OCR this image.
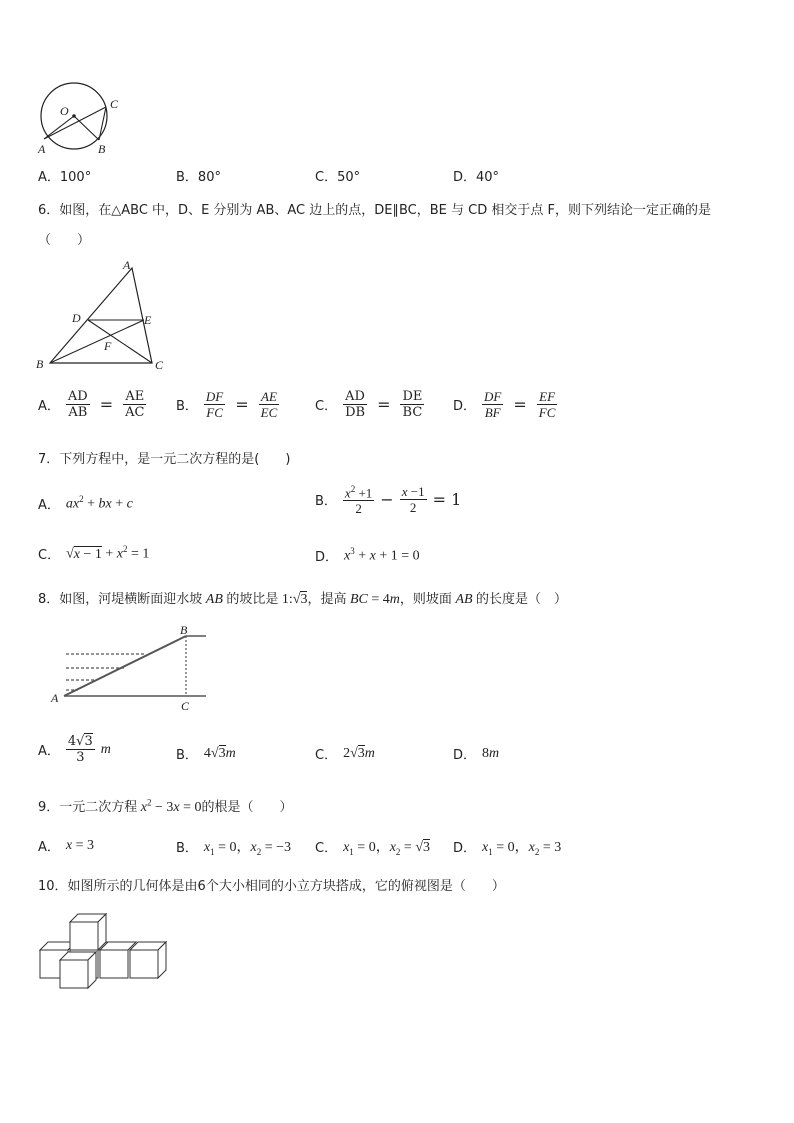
O	C
A	B
A．100°	B．80°	C．50°	D．40°
6．如图，在△ABC 中，D、E 分别为 AB、AC 边上的点，DE∥BC，BE 与 CD 相交于点 F，则下列结论一定正确的是
（　　）
A
D	E
F
B	C
A． $\frac{AD}{AB} = \frac{AE}{AC}$ B． $\frac{DF}{FC} = \frac{AE}{EC}$	C． $\frac{AD}{DB} = \frac{DE}{BC}$ D． $\frac{DF}{BF} = \frac{EF}{FC}$
7．下列方程中，是一元二次方程的是(　　)
A． $ax^2$ + bx + c	B． $\frac{x^2 +1}{2} - \frac{x -1}{2} = 1$
C． $√x - 1 + x^2 = 1$	D． $x^3 + x + 1 = 0$
8．如图，河堤横断面迎水坡 AB 的坡比是 1:√3，提高 BC = 4m，则坡面 AB 的长度是（　）
B
A
C
A． $\frac{4√3}{3}$ m	B． 4√3m	C． 2√3m	D． 8m
9．一元二次方程 $x^2 - 3x = 0$的根是（　　）
A． x = 3	B． $x_1 = 0$，$x_2 = -3$ C． $x_1 = 0$，$x_2 = √3$ D． $x_1 = 0$，$x_2 = 3$
10．如图所示的几何体是由6个大小相同的小立方块搭成，它的俯视图是（　　）
